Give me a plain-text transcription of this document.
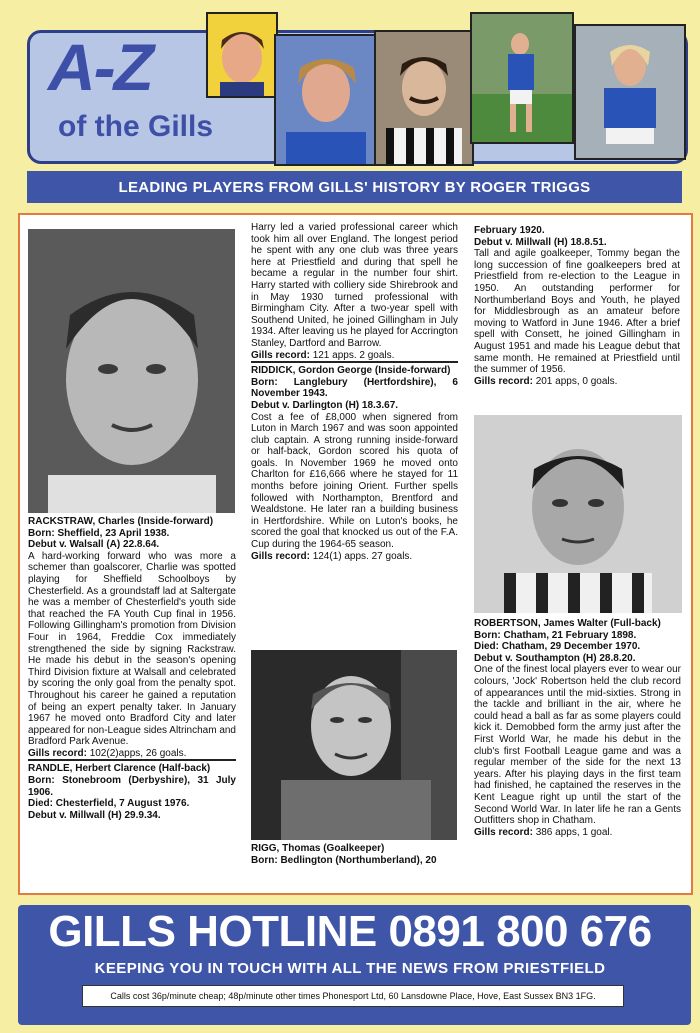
A-Z
of the Gills
LEADING PLAYERS FROM GILLS' HISTORY BY ROGER TRIGGS

RACKSTRAW, Charles (Inside-forward)

Born: Sheffield, 23 April 1938.

Debut v. Walsall (A) 22.8.64.

A hard-working forward who was more a schemer than goalscorer, Charlie was spotted playing for Sheffield Schoolboys by Chesterfield. As a groundstaff lad at Saltergate he was a member of Chesterfield's youth side that reached the FA Youth Cup final in 1956. Following Gillingham's promotion from Division Four in 1964, Freddie Cox immediately strengthened the side by signing Rackstraw. He made his debut in the season's opening Third Division fixture at Walsall and celebrated by scoring the only goal from the penalty spot. Throughout his career he gained a reputation of being an expert penalty taker. In January 1967 he moved onto Bradford City and later appeared for non-League sides Altrincham and Bradford Park Avenue.

Gills record: 102(2)apps, 26 goals.

RANDLE, Herbert Clarence (Half-back)

Born: Stonebroom (Derbyshire), 31 July 1906.

Died: Chesterfield, 7 August 1976.

Debut v. Millwall (H) 29.9.34.

Harry led a varied professional career which took him all over England. The longest period he spent with any one club was three years here at Priestfield and during that spell he became a regular in the number four shirt. Harry started with colliery side Shirebrook and in May 1930 turned professional with Birmingham City. After a two-year spell with Southend United, he joined Gillingham in July 1934. After leaving us he played for Accrington Stanley, Dartford and Barrow.

Gills record: 121 apps. 2 goals.

RIDDICK, Gordon George (Inside-forward)

Born: Langlebury (Hertfordshire), 6 November 1943.

Debut v. Darlington (H) 18.3.67.

Cost a fee of £8,000 when signered from Luton in March 1967 and was soon appointed club captain. A strong running inside-forward or half-back, Gordon scored his quota of goals. In November 1969 he moved onto Charlton for £16,666 where he stayed for 11 months before joining Orient. Further spells followed with Northampton, Brentford and Wealdstone. He later ran a building business in Hertfordshire. While on Luton's books, he scored the goal that knocked us out of the F.A. Cup during the 1964-65 season.

Gills record: 124(1) apps. 27 goals.

RIGG, Thomas (Goalkeeper)

Born: Bedlington (Northumberland), 20

February 1920.

Debut v. Millwall (H) 18.8.51.

Tall and agile goalkeeper, Tommy began the long succession of fine goalkeepers bred at Priestfield from re-election to the League in 1950. An outstanding performer for Northumberland Boys and Youth, he played for Middlesbrough as an amateur before moving to Watford in June 1946. After a brief spell with Consett, he joined Gillingham in August 1951 and made his League debut that same month. He remained at Priestfield until the summer of 1956.

Gills record: 201 apps, 0 goals.

ROBERTSON, James Walter (Full-back)

Born: Chatham, 21 February 1898.

Died: Chatham, 29 December 1970.

Debut v. Southampton (H) 28.8.20.

One of the finest local players ever to wear our colours, 'Jock' Robertson held the club record of appearances until the mid-sixties. Strong in the tackle and brilliant in the air, where he could head a ball as far as some players could kick it. Demobbed form the army just after the First World War, he made his debut in the club's first Football League game and was a regular member of the side for the next 13 years. After his playing days in the first team had finished, he captained the reserves in the Kent League right up until the start of the Second World War. In later life he ran a Gents Outfitters shop in Chatham.

Gills record: 386 apps, 1 goal.

GILLS HOTLINE 0891 800 676
KEEPING YOU IN TOUCH WITH ALL THE NEWS FROM PRIESTFIELD
Calls cost 36p/minute cheap; 48p/minute other times Phonesport Ltd, 60 Lansdowne Place, Hove, East Sussex BN3 1FG.
